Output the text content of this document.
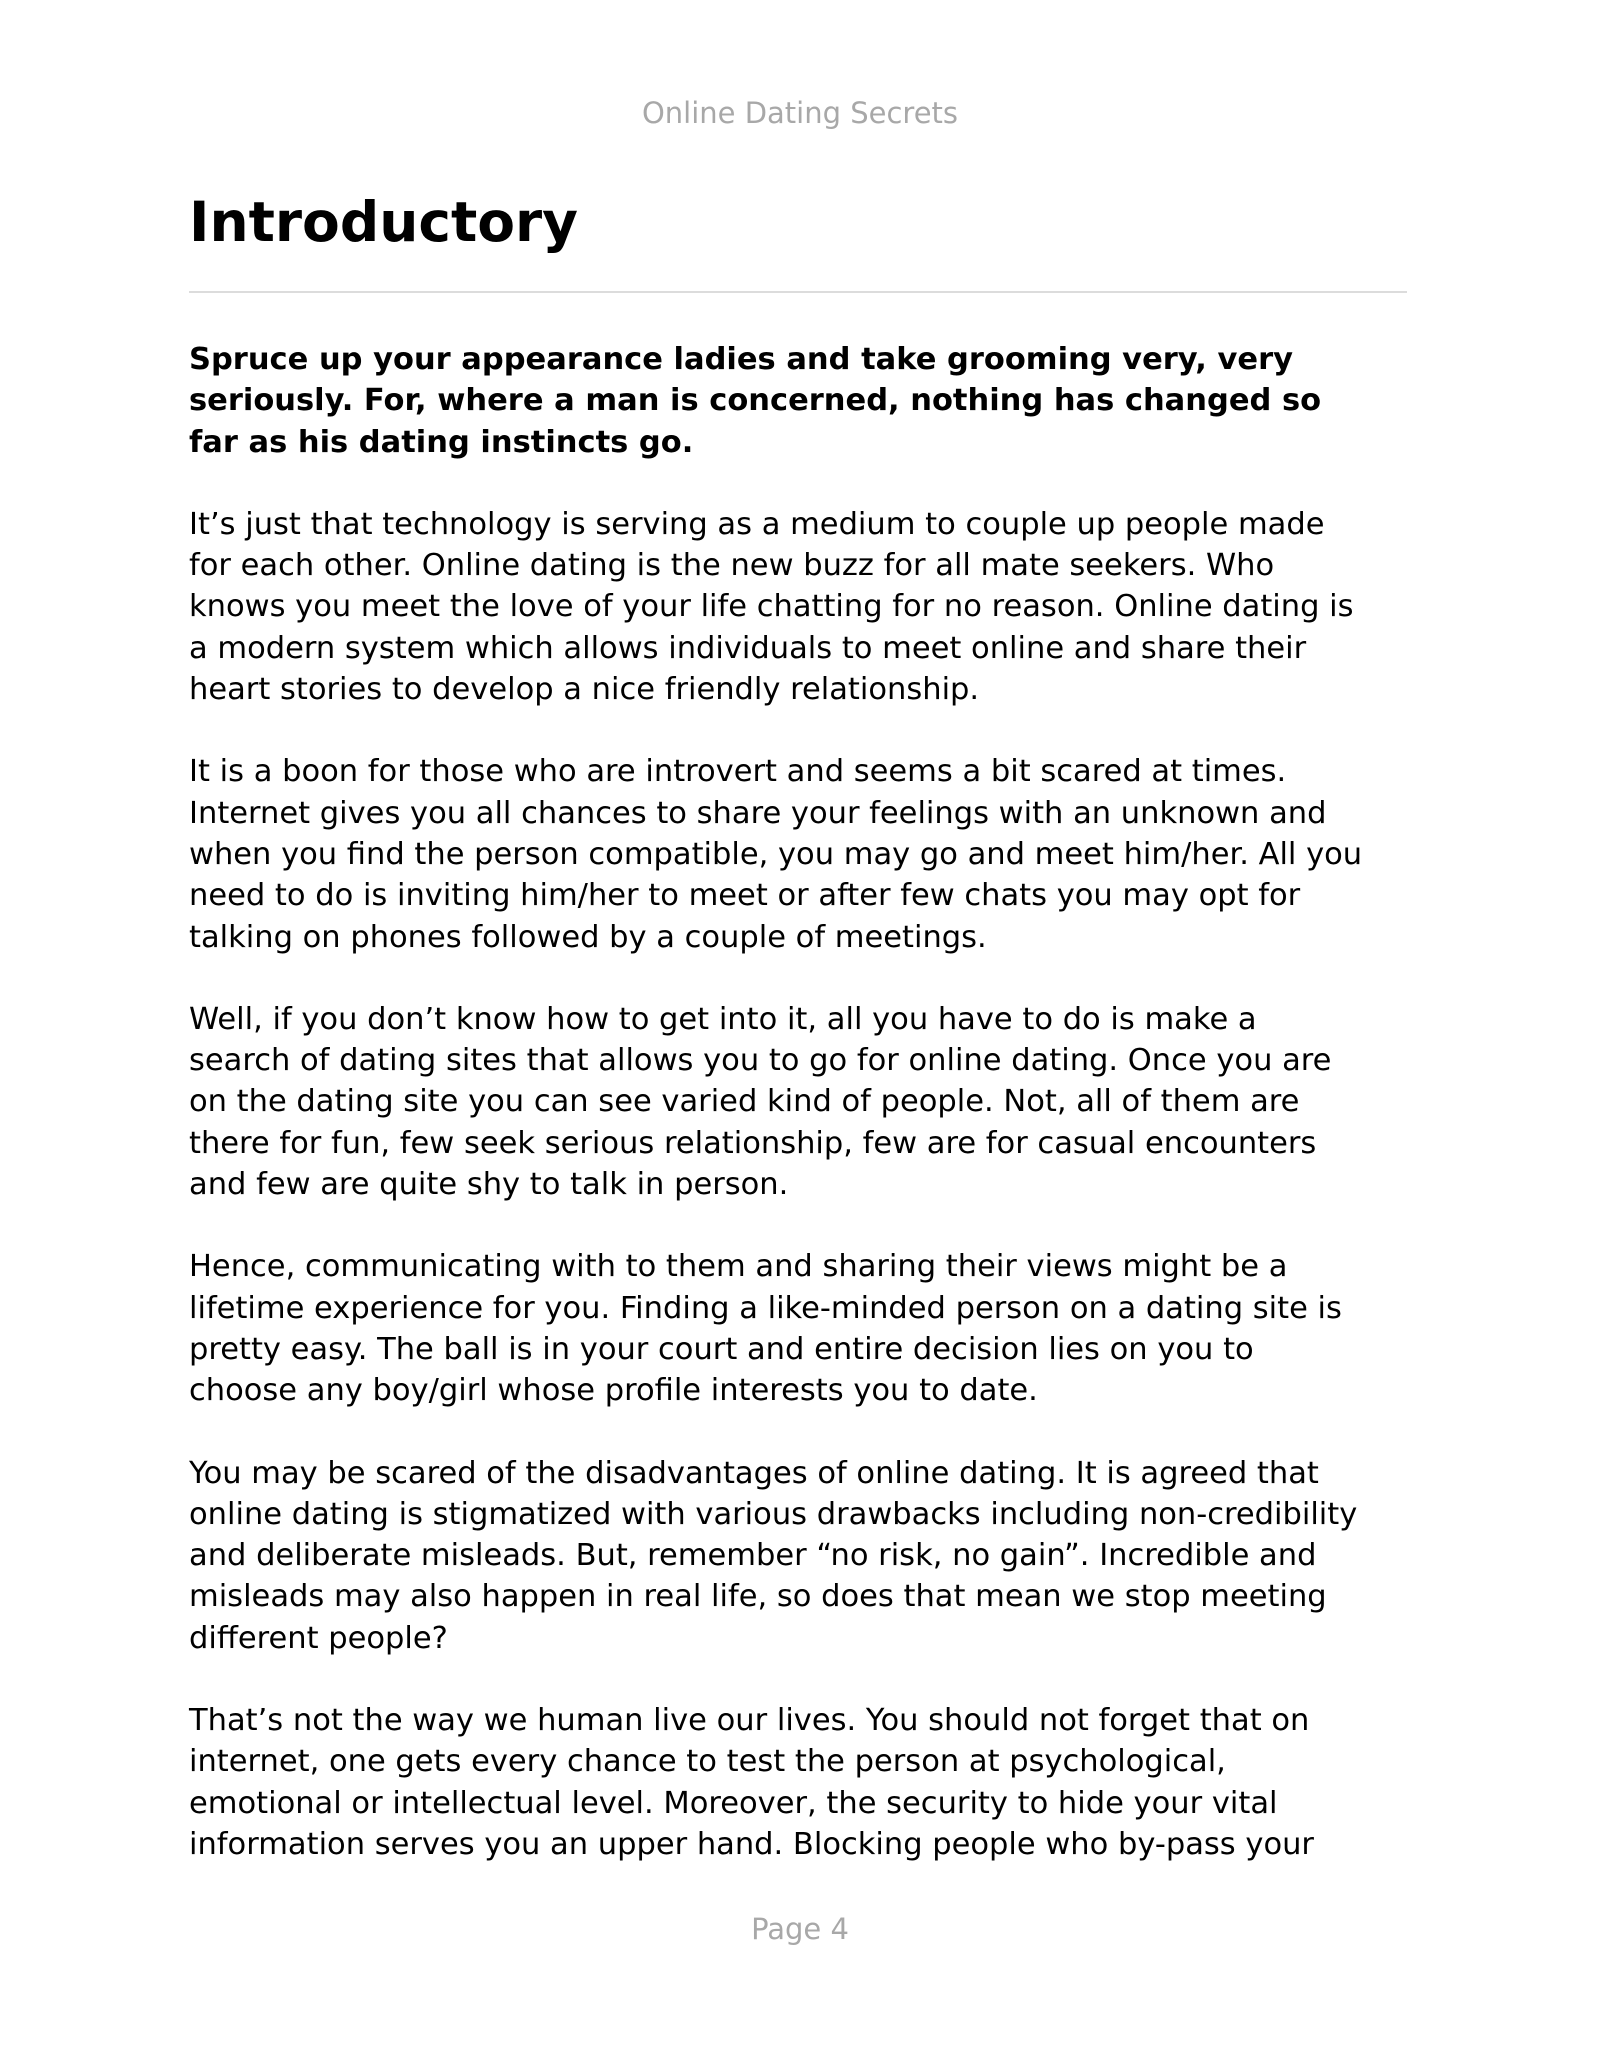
Online Dating Secrets
Introductory

Spruce up your appearance ladies and take grooming very, very
seriously. For, where a man is concerned, nothing has changed so
far as his dating instincts go.

It’s just that technology is serving as a medium to couple up people made
for each other. Online dating is the new buzz for all mate seekers. Who
knows you meet the love of your life chatting for no reason. Online dating is
a modern system which allows individuals to meet online and share their
heart stories to develop a nice friendly relationship.

It is a boon for those who are introvert and seems a bit scared at times.
Internet gives you all chances to share your feelings with an unknown and
when you find the person compatible, you may go and meet him/her. All you
need to do is inviting him/her to meet or after few chats you may opt for
talking on phones followed by a couple of meetings.

Well, if you don’t know how to get into it, all you have to do is make a
search of dating sites that allows you to go for online dating. Once you are
on the dating site you can see varied kind of people. Not, all of them are
there for fun, few seek serious relationship, few are for casual encounters
and few are quite shy to talk in person.

Hence, communicating with to them and sharing their views might be a
lifetime experience for you. Finding a like-minded person on a dating site is
pretty easy. The ball is in your court and entire decision lies on you to
choose any boy/girl whose profile interests you to date.

You may be scared of the disadvantages of online dating. It is agreed that
online dating is stigmatized with various drawbacks including non-credibility
and deliberate misleads. But, remember “no risk, no gain”. Incredible and
misleads may also happen in real life, so does that mean we stop meeting
different people?

That’s not the way we human live our lives. You should not forget that on
internet, one gets every chance to test the person at psychological,
emotional or intellectual level. Moreover, the security to hide your vital
information serves you an upper hand. Blocking people who by-pass your

Page 4
